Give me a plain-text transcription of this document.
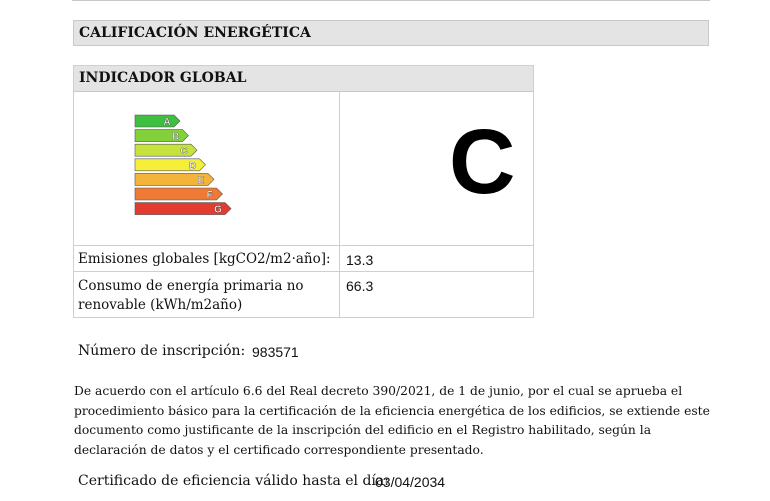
CALIFICACIÓN ENERGÉTICA
INDICADOR GLOBAL
A
B
C
D
E
F
G C
Emisiones globales [kgCO2/m2·año]: 13.3
Consumo de energía primaria no
renovable (kWh/m2año)
66.3
Número de inscripción: 983571
De acuerdo con el artículo 6.6 del Real decreto 390/2021, de 1 de junio, por el cual se aprueba el procedimiento básico para la certificación de la eficiencia energética de los edificios, se extiende este documento como justificante de la inscripción del edificio en el Registro habilitado, según la declaración de datos y el certificado correspondiente presentado.
Certificado de eficiencia válido hasta el día:
03/04/2034
